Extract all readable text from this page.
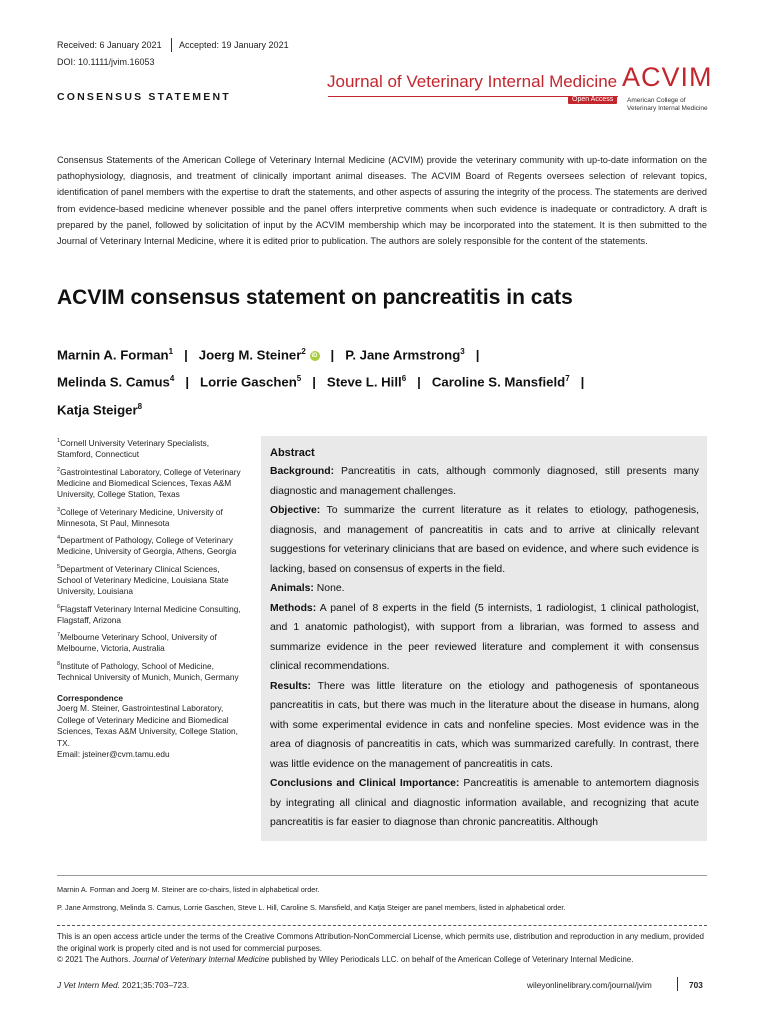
Received: 6 January 2021 Accepted: 19 January 2021
DOI: 10.1111/jvim.16053
CONSENSUS STATEMENT
Journal of Veterinary Internal Medicine
Open Access
ACVIM
American College of
Veterinary Internal Medicine
Consensus Statements of the American College of Veterinary Internal Medicine (ACVIM) provide the veterinary community with up-to-date information on the pathophysiology, diagnosis, and treatment of clinically important animal diseases. The ACVIM Board of Regents oversees selection of relevant topics, identification of panel members with the expertise to draft the statements, and other aspects of assuring the integrity of the process. The statements are derived from evidence-based medicine whenever possible and the panel offers interpretive comments when such evidence is inadequate or contradictory. A draft is prepared by the panel, followed by solicitation of input by the ACVIM membership which may be incorporated into the statement. It is then submitted to the Journal of Veterinary Internal Medicine, where it is edited prior to publication. The authors are solely responsible for the content of the statements.
ACVIM consensus statement on pancreatitis in cats
Marnin A. Forman$^1$ | Joerg M. Steiner$^2$ iD | P. Jane Armstrong$^3$ |
Melinda S. Camus$^4$ | Lorrie Gaschen$^5$ | Steve L. Hill$^6$ | Caroline S. Mansfield$^7$ |
Katja Steiger$^8$
$^1$Cornell University Veterinary Specialists, Stamford, Connecticut
$^2$Gastrointestinal Laboratory, College of Veterinary Medicine and Biomedical Sciences, Texas A&M University, College Station, Texas
$^3$College of Veterinary Medicine, University of Minnesota, St Paul, Minnesota
$^4$Department of Pathology, College of Veterinary Medicine, University of Georgia, Athens, Georgia
$^5$Department of Veterinary Clinical Sciences, School of Veterinary Medicine, Louisiana State University, Louisiana
$^6$Flagstaff Veterinary Internal Medicine Consulting, Flagstaff, Arizona
$^7$Melbourne Veterinary School, University of Melbourne, Victoria, Australia
$^8$Institute of Pathology, School of Medicine, Technical University of Munich, Munich, Germany
Correspondence
Joerg M. Steiner, Gastrointestinal Laboratory, College of Veterinary Medicine and Biomedical Sciences, Texas A&M University, College Station, TX.
Email: jsteiner@cvm.tamu.edu
Abstract
Background: Pancreatitis in cats, although commonly diagnosed, still presents many diagnostic and management challenges.
Objective: To summarize the current literature as it relates to etiology, pathogenesis, diagnosis, and management of pancreatitis in cats and to arrive at clinically relevant suggestions for veterinary clinicians that are based on evidence, and where such evidence is lacking, based on consensus of experts in the field.
Animals: None.
Methods: A panel of 8 experts in the field (5 internists, 1 radiologist, 1 clinical pathologist, and 1 anatomic pathologist), with support from a librarian, was formed to assess and summarize evidence in the peer reviewed literature and complement it with consensus clinical recommendations.
Results: There was little literature on the etiology and pathogenesis of spontaneous pancreatitis in cats, but there was much in the literature about the disease in humans, along with some experimental evidence in cats and nonfeline species. Most evidence was in the area of diagnosis of pancreatitis in cats, which was summarized carefully. In contrast, there was little evidence on the management of pancreatitis in cats.
Conclusions and Clinical Importance: Pancreatitis is amenable to antemortem diagnosis by integrating all clinical and diagnostic information available, and recognizing that acute pancreatitis is far easier to diagnose than chronic pancreatitis. Although
Marnin A. Forman and Joerg M. Steiner are co-chairs, listed in alphabetical order.
P. Jane Armstrong, Melinda S. Camus, Lorrie Gaschen, Steve L. Hill, Caroline S. Mansfield, and Katja Steiger are panel members, listed in alphabetical order.
This is an open access article under the terms of the Creative Commons Attribution-NonCommercial License, which permits use, distribution and reproduction in any medium, provided the original work is properly cited and is not used for commercial purposes.
© 2021 The Authors. Journal of Veterinary Internal Medicine published by Wiley Periodicals LLC. on behalf of the American College of Veterinary Internal Medicine.
J Vet Intern Med. 2021;35:703–723.	wileyonlinelibrary.com/journal/jvim	703
